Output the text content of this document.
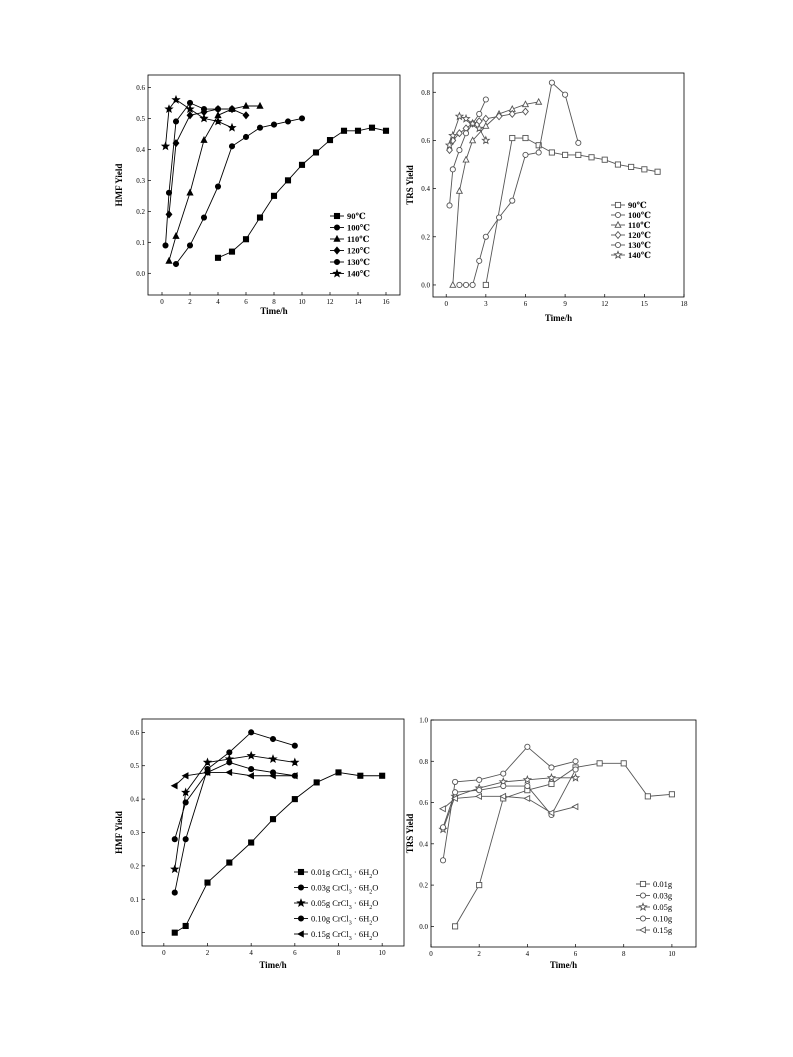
0	2	4	6	8	10	12	14	16
0.0
0.1
0.2
0.3
0.4
0.5
0.6
Time/h
HMF Yield
90℃
100℃
110℃
120℃
130℃
140℃
0	3	6	9	12	15	18
0.0
0.2
0.4
0.6
0.8
Time/h
TRS Yield
90℃
100℃
110℃
120℃
130℃
140℃
0	2	4	6	8	10
0.0
0.1
0.2
0.3
0.4
0.5
0.6
Time/h
HMF Yield
0.01g CrCl$_3$ · $6H_2O$
0.03g CrCl$_3$ · $6H_2O$
0.05g CrCl$_3$ · $6H_2O$
0.10g CrCl$_3$ · $6H_2O$
0.15g CrCl$_3$ · $6H_2O$
0	2	4	6	8	10
0.0
0.2
0.4
0.6
0.8
1.0
Time/h
TRS Yield
0.01g
0.03g
0.05g
0.10g
0.15g
